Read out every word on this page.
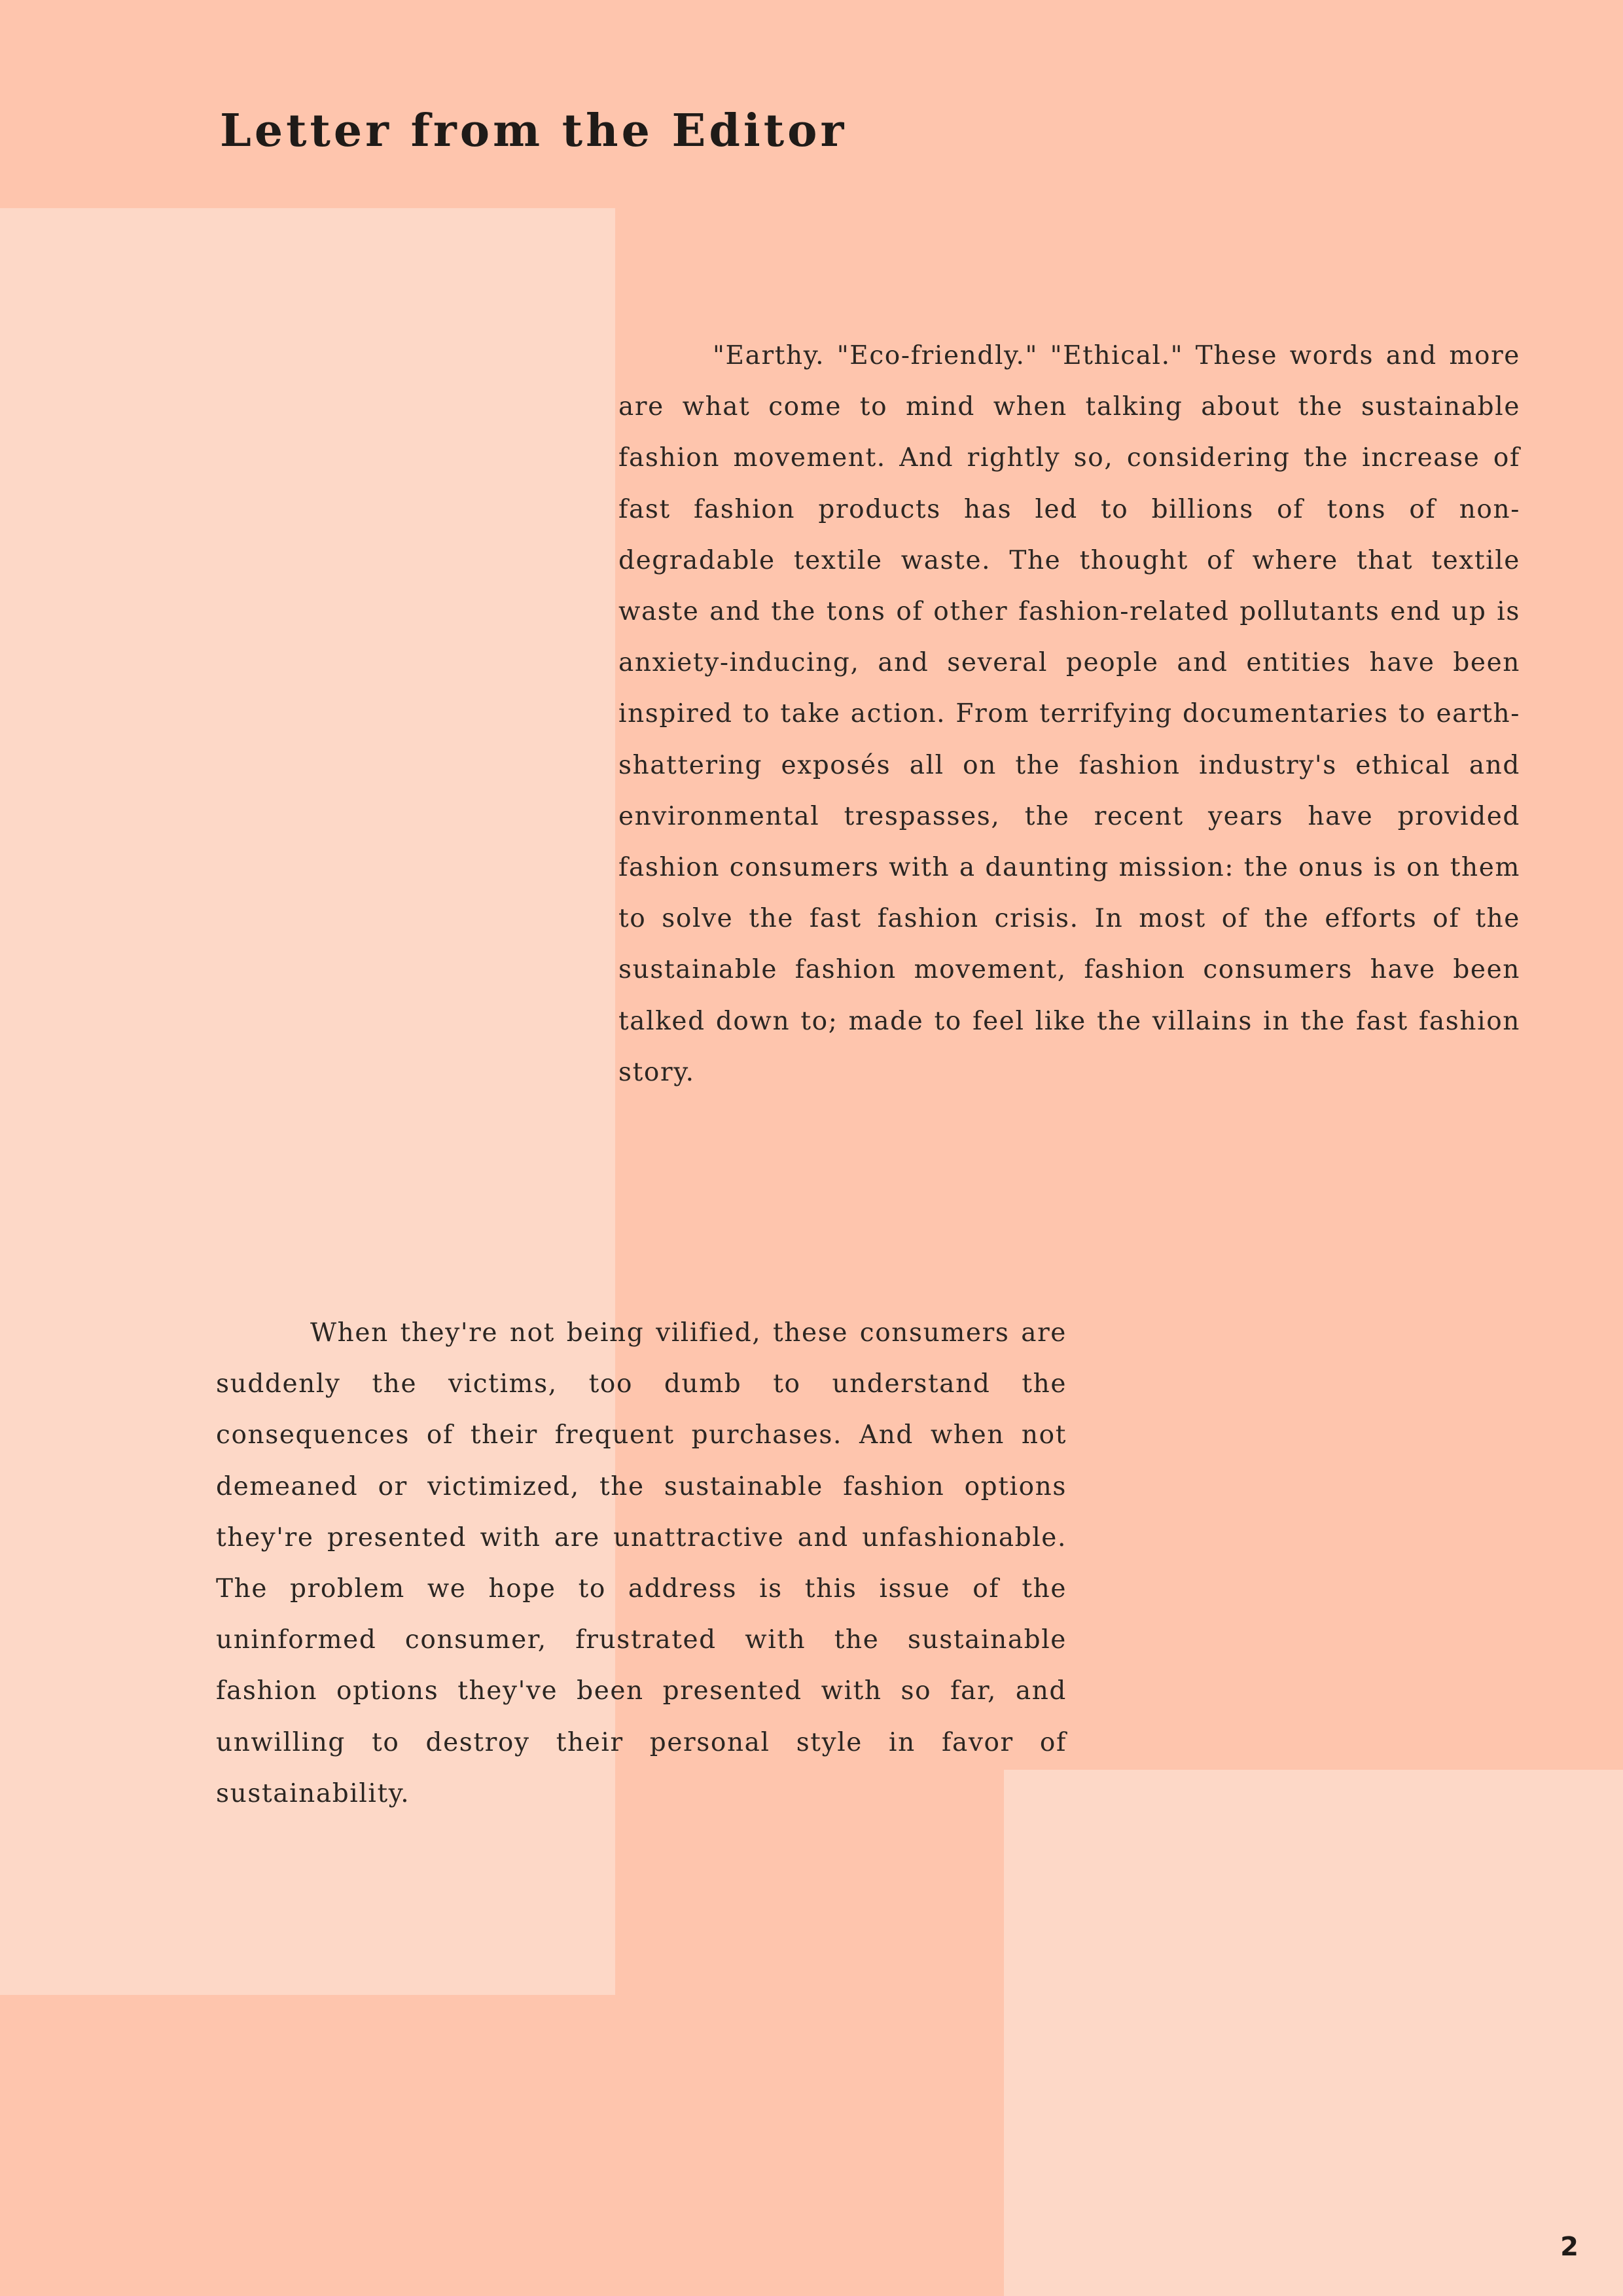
Letter from the Editor

"Earthy. "Eco-friendly." "Ethical." These words and more are what come to mind when talking about the sustainable fashion movement. And rightly so, considering the increase of fast fashion products has led to billions of tons of non-degradable textile waste. The thought of where that textile waste and the tons of other fashion-related pollutants end up is anxiety-inducing, and several people and entities have been inspired to take action. From terrifying documentaries to earth-shattering exposés all on the fashion industry's ethical and environmental trespasses, the recent years have provided fashion consumers with a daunting mission: the onus is on them to solve the fast fashion crisis. In most of the efforts of the sustainable fashion movement, fashion consumers have been talked down to; made to feel like the villains in the fast fashion story.

When they're not being vilified, these consumers are suddenly the victims, too dumb to understand the consequences of their frequent purchases. And when not demeaned or victimized, the sustainable fashion options they're presented with are unattractive and unfashionable. The problem we hope to address is this issue of the uninformed consumer, frustrated with the sustainable fashion options they've been presented with so far, and unwilling to destroy their personal style in favor of sustainability.

2
